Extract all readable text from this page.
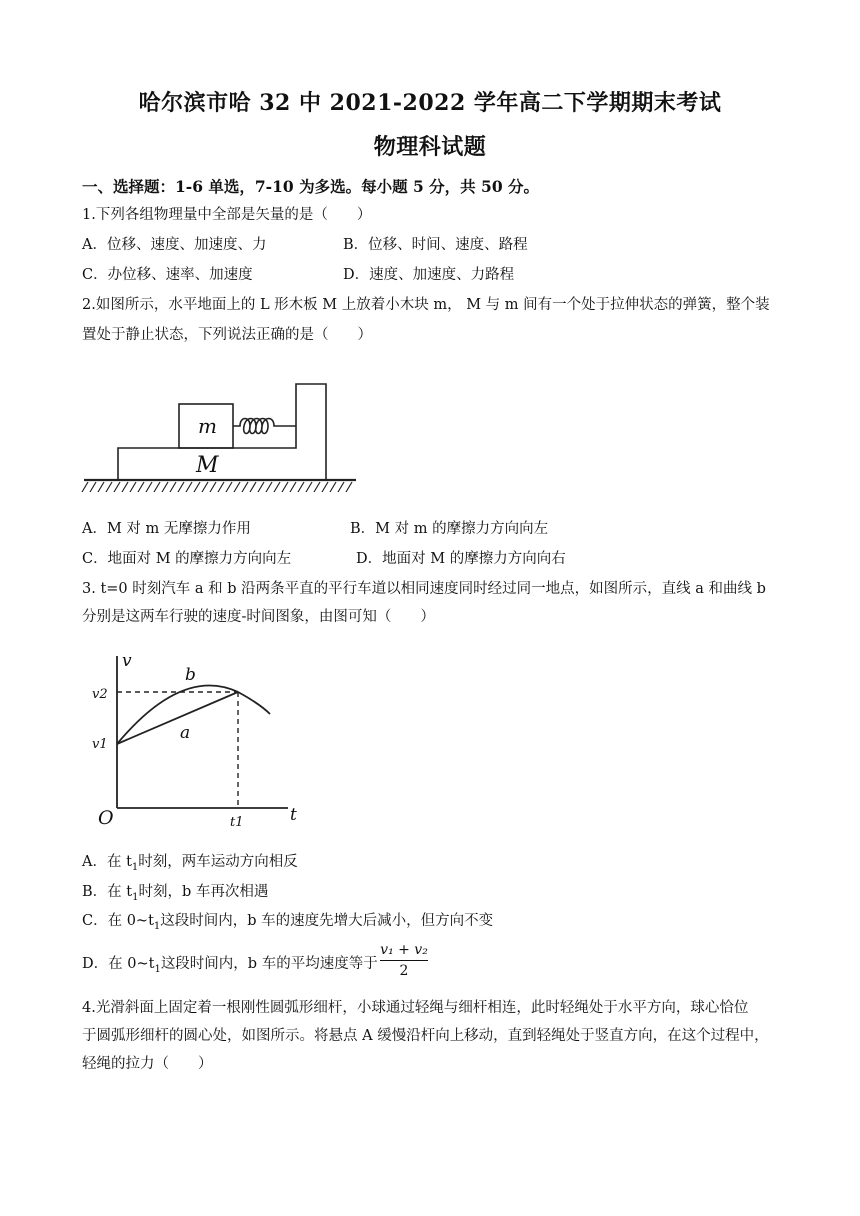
哈尔滨市哈 32 中 2021-2022 学年高二下学期期末考试
物理科试题
一、选择题：1-6 单选，7-10 为多选。每小题 5 分，共 50 分。
1.下列各组物理量中全部是矢量的是（　　）
A．位移、速度、加速度、力	B．位移、时间、速度、路程
C．办位移、速率、加速度	D．速度、加速度、力路程
2.如图所示，水平地面上的 L 形木板 M 上放着小木块 m， M 与 m 间有一个处于拉伸状态的弹簧，整个装
置处于静止状态，下列说法正确的是（　　）
m
M
A．M 对 m 无摩擦力作用	B．M 对 m 的摩擦力方向向左
C．地面对 M 的摩擦力方向向左	D．地面对 M 的摩擦力方向向右
3. t=0 时刻汽车 a 和 b 沿两条平直的平行车道以相同速度同时经过同一地点，如图所示，直线 a 和曲线 b
分别是这两车行驶的速度-时间图象，由图可知（　　）
v
t
O
v1
v2
t1
a
b
A．在 $t_1$时刻，两车运动方向相反
B．在 $t_1$时刻，b 车再次相遇
C．在 $0\sim t_1$这段时间内，b 车的速度先增大后减小，但方向不变
D．在 $0\sim t_1$这段时间内，b 车的平均速度等于
v₁ + v₂
2
4.光滑斜面上固定着一根刚性圆弧形细杆，小球通过轻绳与细杆相连，此时轻绳处于水平方向，球心恰位
于圆弧形细杆的圆心处，如图所示。将悬点 A 缓慢沿杆向上移动，直到轻绳处于竖直方向，在这个过程中，
轻绳的拉力（　　）
